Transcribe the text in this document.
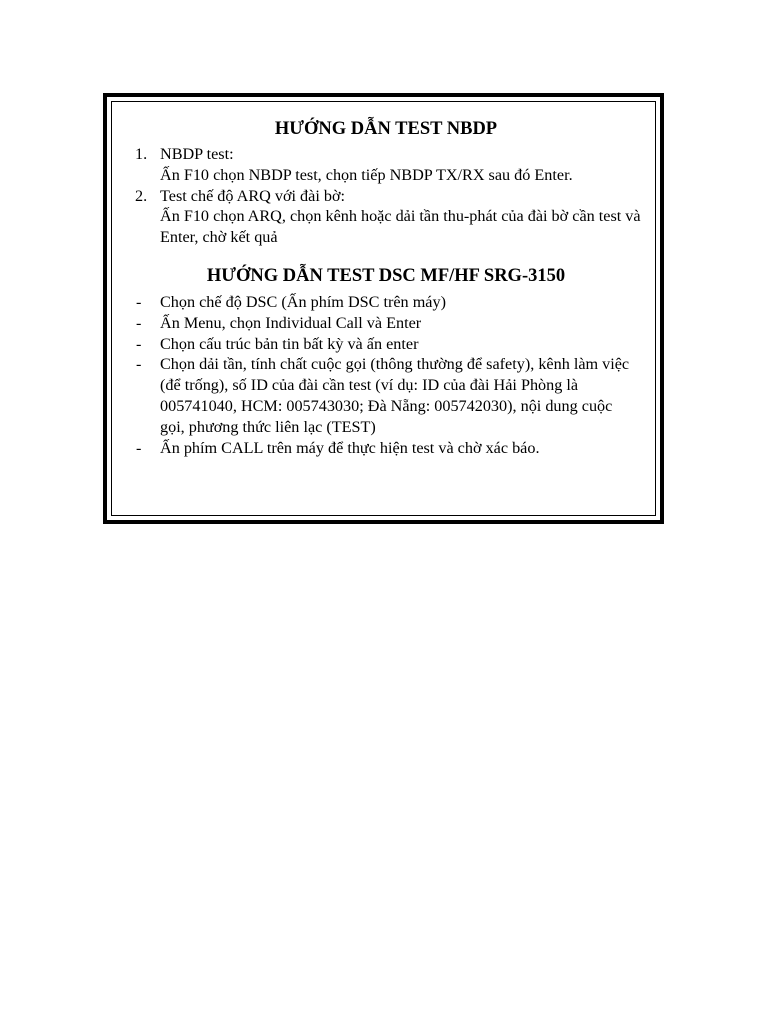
HƯỚNG DẪN TEST NBDP
1. NBDP test:
Ấn F10 chọn NBDP test, chọn tiếp NBDP TX/RX sau đó Enter.
2. Test chế độ ARQ với đài bờ:
Ấn F10 chọn ARQ, chọn kênh hoặc dải tần thu-phát của đài bờ cần test và Enter, chờ kết quả
HƯỚNG DẪN TEST DSC MF/HF SRG-3150
- Chọn chế độ DSC (Ấn phím DSC trên máy)
- Ấn Menu, chọn Individual Call và Enter
- Chọn cấu trúc bản tin bất kỳ và ấn enter
- Chọn dải tần, tính chất cuộc gọi (thông thường để safety), kênh làm việc (để trống), số ID của đài cần test (ví dụ: ID của đài Hải Phòng là 005741040, HCM: 005743030; Đà Nẵng: 005742030), nội dung cuộc gọi, phương thức liên lạc (TEST)
- Ấn phím CALL trên máy để thực hiện test và chờ xác báo.
